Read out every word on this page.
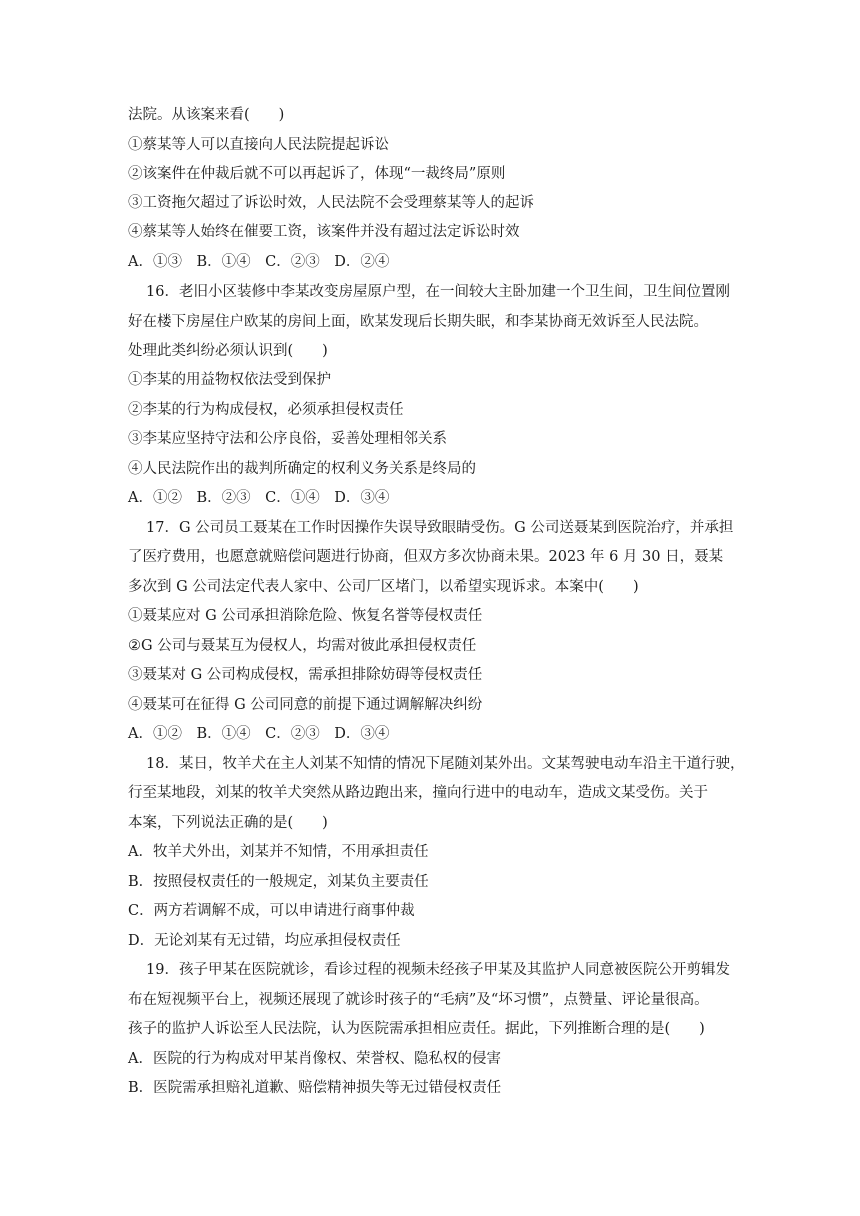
法院。从该案来看(　　)
①蔡某等人可以直接向人民法院提起诉讼
②该案件在仲裁后就不可以再起诉了，体现“一裁终局”原则
③工资拖欠超过了诉讼时效，人民法院不会受理蔡某等人的起诉
④蔡某等人始终在催要工资，该案件并没有超过法定诉讼时效
A．①③　B．①④　C．②③　D．②④
16．老旧小区装修中李某改变房屋原户型，在一间较大主卧加建一个卫生间，卫生间位置刚
好在楼下房屋住户欧某的房间上面，欧某发现后长期失眠，和李某协商无效诉至人民法院。
处理此类纠纷必须认识到(　　)
①李某的用益物权依法受到保护
②李某的行为构成侵权，必须承担侵权责任
③李某应坚持守法和公序良俗，妥善处理相邻关系
④人民法院作出的裁判所确定的权利义务关系是终局的
A．①②　B．②③　C．①④　D．③④
17．G 公司员工聂某在工作时因操作失误导致眼睛受伤。G 公司送聂某到医院治疗，并承担
了医疗费用，也愿意就赔偿问题进行协商，但双方多次协商未果。2023 年 6 月 30 日，聂某
多次到 G 公司法定代表人家中、公司厂区堵门，以希望实现诉求。本案中(　　)
①聂某应对 G 公司承担消除危险、恢复名誉等侵权责任
②G 公司与聂某互为侵权人，均需对彼此承担侵权责任
③聂某对 G 公司构成侵权，需承担排除妨碍等侵权责任
④聂某可在征得 G 公司同意的前提下通过调解解决纠纷
A．①②　B．①④　C．②③　D．③④
18．某日，牧羊犬在主人刘某不知情的情况下尾随刘某外出。文某驾驶电动车沿主干道行驶，
行至某地段，刘某的牧羊犬突然从路边跑出来，撞向行进中的电动车，造成文某受伤。关于
本案，下列说法正确的是(　　)
A．牧羊犬外出，刘某并不知情，不用承担责任
B．按照侵权责任的一般规定，刘某负主要责任
C．两方若调解不成，可以申请进行商事仲裁
D．无论刘某有无过错，均应承担侵权责任
19．孩子甲某在医院就诊，看诊过程的视频未经孩子甲某及其监护人同意被医院公开剪辑发
布在短视频平台上，视频还展现了就诊时孩子的“毛病”及“坏习惯”，点赞量、评论量很高。
孩子的监护人诉讼至人民法院，认为医院需承担相应责任。据此，下列推断合理的是(　　)
A．医院的行为构成对甲某肖像权、荣誉权、隐私权的侵害
B．医院需承担赔礼道歉、赔偿精神损失等无过错侵权责任
